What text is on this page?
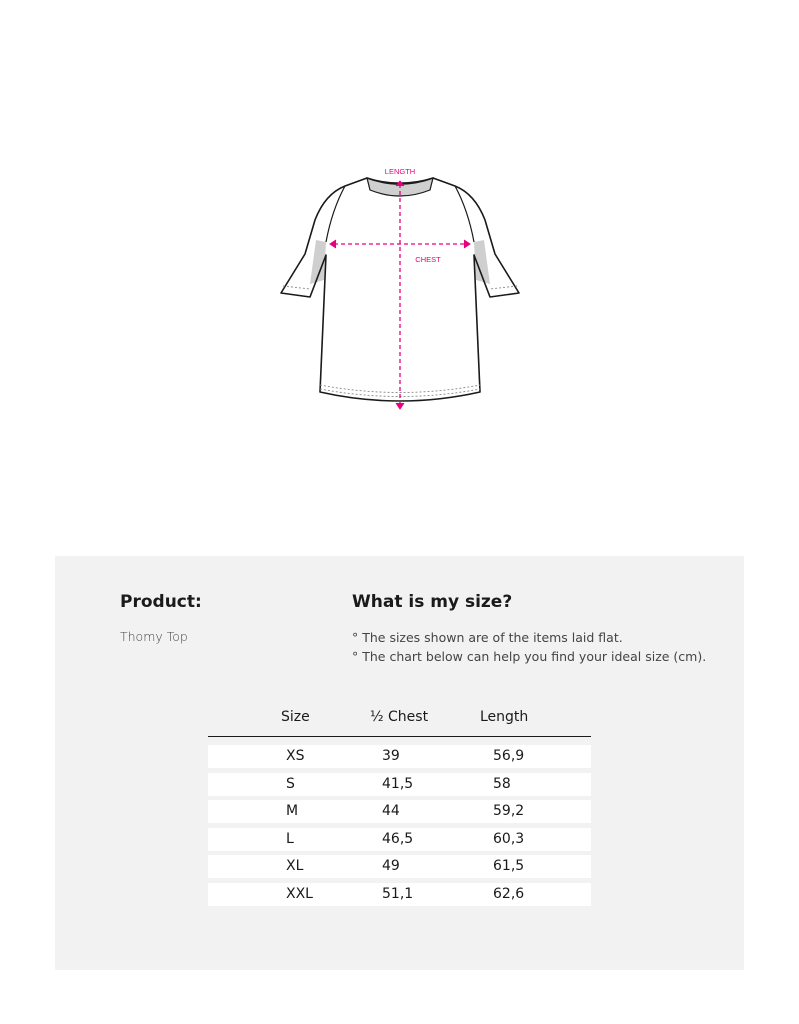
LENGTH
CHEST
Product:
Thomy Top
What is my size?
° The sizes shown are of the items laid flat.
° The chart below can help you find your ideal size (cm).
Size	½ Chest	Length
XS	39	56,9
S	41,5	58
M	44	59,2
L	46,5	60,3
XL	49	61,5
XXL	51,1	62,6
